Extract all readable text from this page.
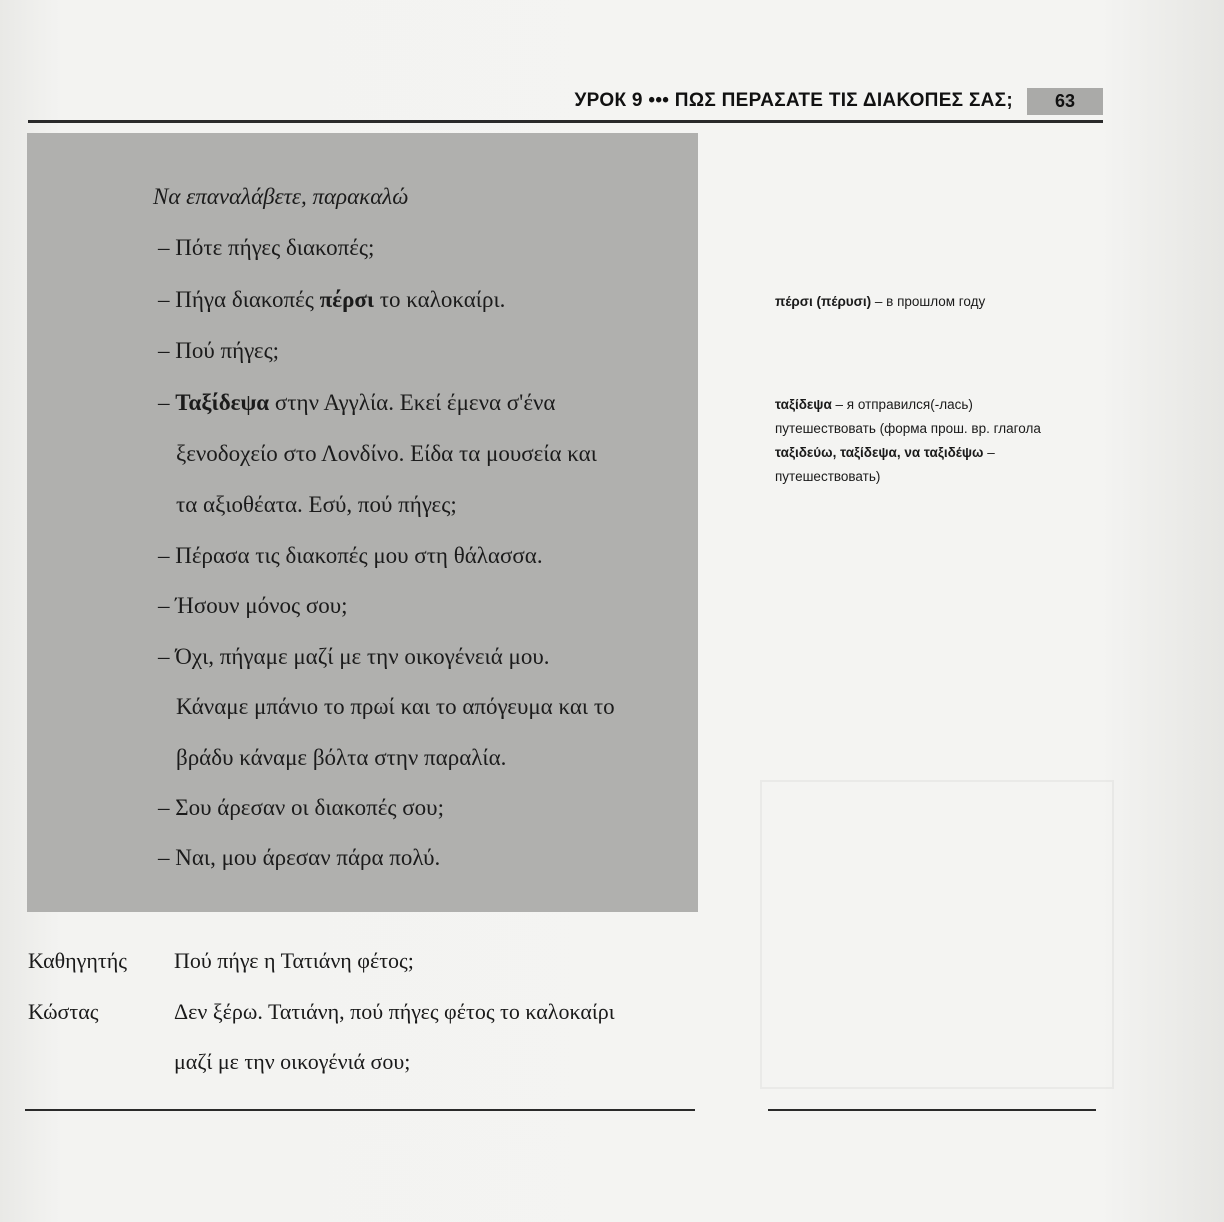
УРОК 9 ••• ΠΩΣ ΠΕΡΑΣΑΤΕ ΤΙΣ ΔΙΑΚΟΠΕΣ ΣΑΣ;	63
Να επαναλάβετε, παρακαλώ
– Πότε πήγες διακοπές;
– Πήγα διακοπές πέρσι το καλοκαίρι.
– Πού πήγες;
– Ταξίδεψα στην Αγγλία. Εκεί έμενα σ'ένα
ξενοδοχείο στο Λονδίνο. Είδα τα μουσεία και
τα αξιοθέατα. Εσύ, πού πήγες;
– Πέρασα τις διακοπές μου στη θάλασσα.
– Ήσουν μόνος σου;
– Όχι, πήγαμε μαζί με την οικογένειά μου.
Κάναμε μπάνιο το πρωί και το απόγευμα και το
βράδυ κάναμε βόλτα στην παραλία.
– Σου άρεσαν οι διακοπές σου;
– Ναι, μου άρεσαν πάρα πολύ.
Καθηγητής Πού πήγε η Τατιάνη φέτος;
Κώστας	Δεν ξέρω. Τατιάνη, πού πήγες φέτος το καλοκαίρι
μαζί με την οικογένιά σου;
πέρσι (πέρυσι) – в прошлом году
ταξίδεψα – я отправился(-лась)
путешествовать (форма прош. вр. глагола
ταξιδεύω, ταξίδεψα, να ταξιδέψω –
путешествовать)
